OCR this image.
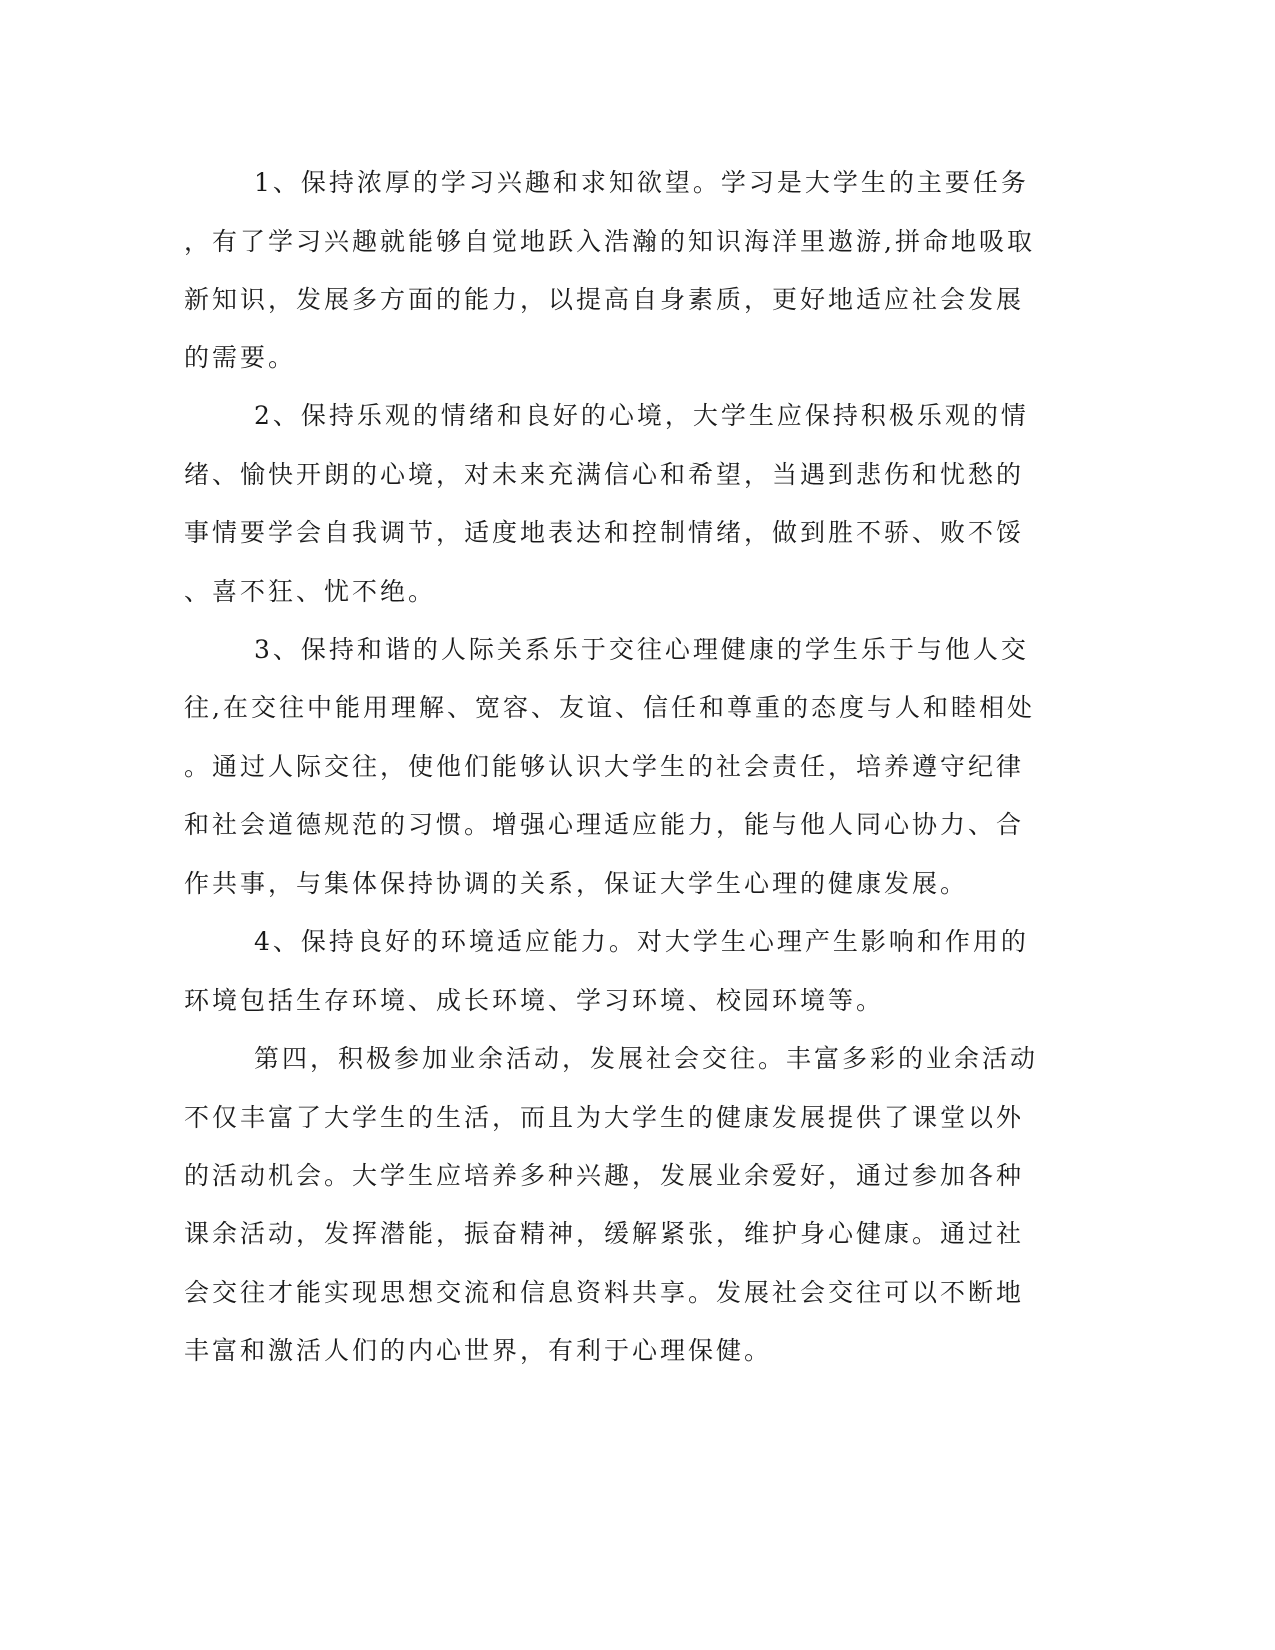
1、保持浓厚的学习兴趣和求知欲望。学习是大学生的主要任务
，有了学习兴趣就能够自觉地跃入浩瀚的知识海洋里遨游,拼命地吸取
新知识，发展多方面的能力，以提高自身素质，更好地适应社会发展
的需要。
2、保持乐观的情绪和良好的心境，大学生应保持积极乐观的情
绪、愉快开朗的心境，对未来充满信心和希望，当遇到悲伤和忧愁的
事情要学会自我调节，适度地表达和控制情绪，做到胜不骄、败不馁
、喜不狂、忧不绝。
3、保持和谐的人际关系乐于交往心理健康的学生乐于与他人交
往,在交往中能用理解、宽容、友谊、信任和尊重的态度与人和睦相处
。通过人际交往，使他们能够认识大学生的社会责任，培养遵守纪律
和社会道德规范的习惯。增强心理适应能力，能与他人同心协力、合
作共事，与集体保持协调的关系，保证大学生心理的健康发展。
4、保持良好的环境适应能力。对大学生心理产生影响和作用的
环境包括生存环境、成长环境、学习环境、校园环境等。
第四，积极参加业余活动，发展社会交往。丰富多彩的业余活动
不仅丰富了大学生的生活，而且为大学生的健康发展提供了课堂以外
的活动机会。大学生应培养多种兴趣，发展业余爱好，通过参加各种
课余活动，发挥潜能，振奋精神，缓解紧张，维护身心健康。通过社
会交往才能实现思想交流和信息资料共享。发展社会交往可以不断地
丰富和激活人们的内心世界，有利于心理保健。
